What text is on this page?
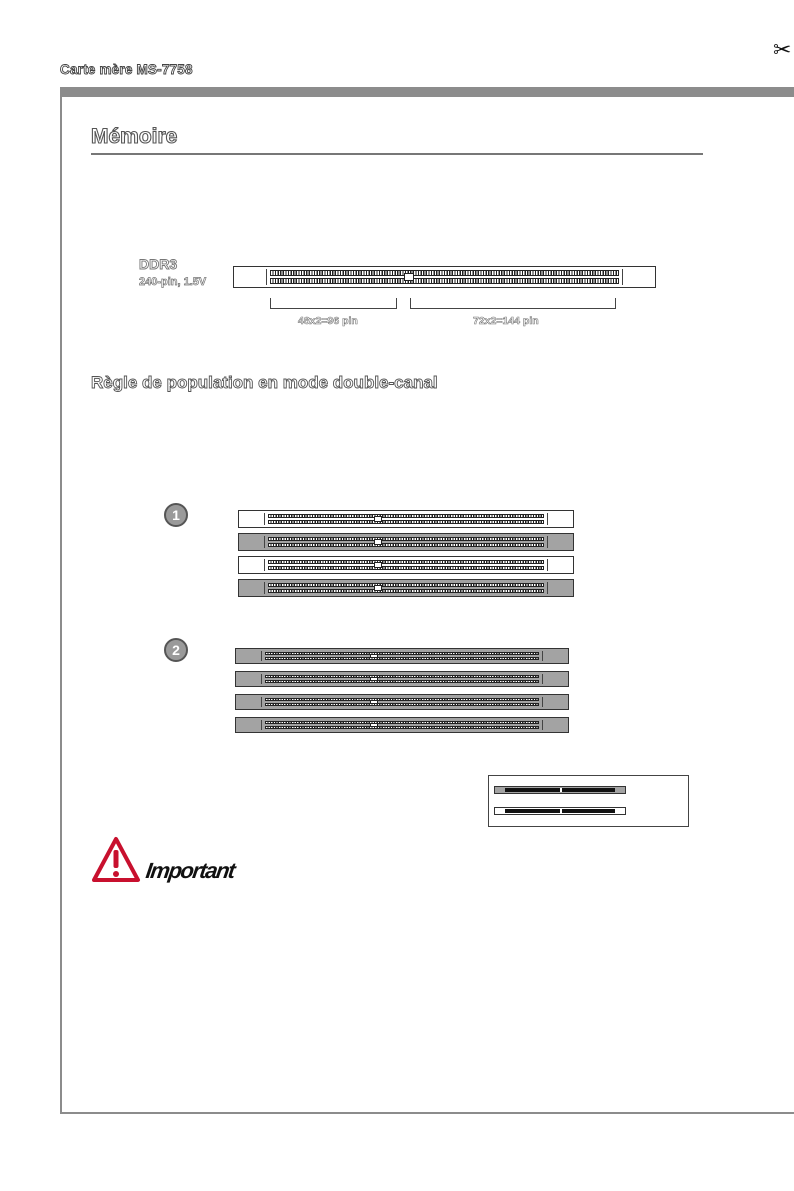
✂
Carte mère MS-7758
Mémoire
DDR3
240-pin, 1.5V
48x2=96 pin	72x2=144 pin
Règle de population en mode double-canal
1
2
Important
